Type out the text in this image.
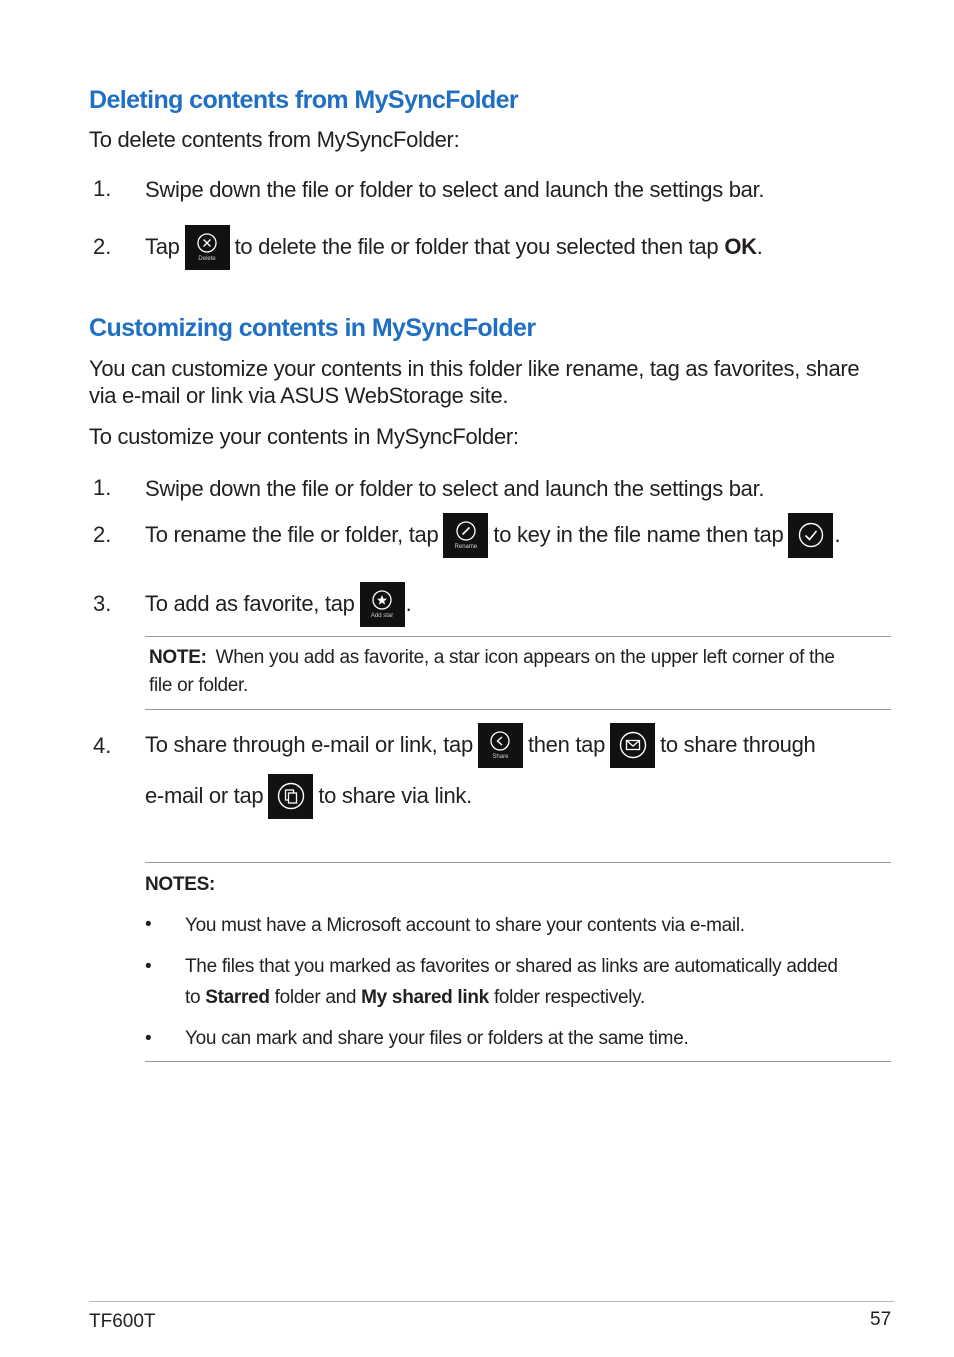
Deleting contents from MySyncFolder
To delete contents from MySyncFolder:
1. Swipe down the file or folder to select and launch the settings bar.
2. Tap	Delete to delete the file or folder that you selected then tap OK .
Customizing contents in MySyncFolder
You can customize your contents in this folder like rename, tag as favorites, share
via e-mail or link via ASUS WebStorage site.
To customize your contents in MySyncFolder:
1. Swipe down the file or folder to select and launch the settings bar.
2. To rename the file or folder, tap	Rename to key in the file name then tap .
3. To add as favorite, tap	Add star .
NOTE: When you add as favorite, a star icon appears on the upper left corner of the
file or folder.
4. To share through e-mail or link, tap	Share then tap	to share through
e-mail or tap	to share via link.
NOTES:
• You must have a Microsoft account to share your contents via e-mail.
• The files that you marked as favorites or shared as links are automatically added
to Starred folder and My shared link folder respectively.
• You can mark and share your files or folders at the same time.
TF600T	57
